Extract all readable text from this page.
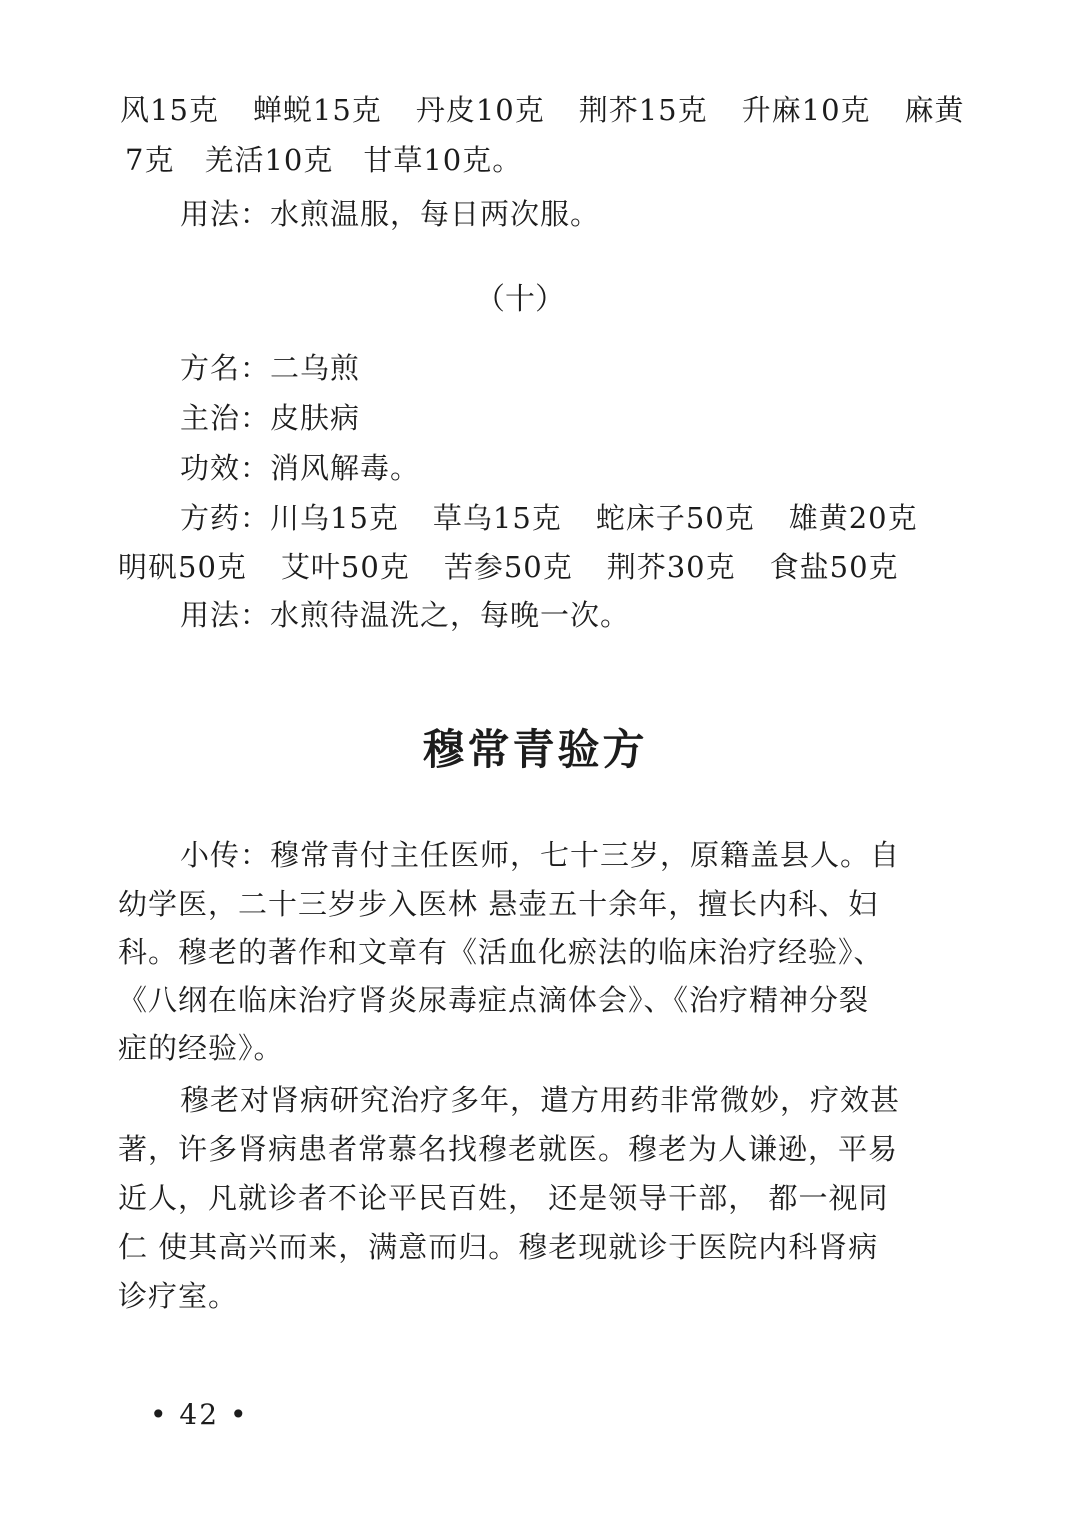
风15克 蝉蜕15克 丹皮10克 荆芥15克 升麻10克 麻黄
7克 羌活10克 甘草10克。
用法：水煎温服，每日两次服。
（十）
方名：二乌煎
主治：皮肤病
功效：消风解毒。
方药：川乌15克 草乌15克 蛇床子50克 雄黄20克
明矾50克 艾叶50克 苦参50克 荆芥30克 食盐50克
用法：水煎待温洗之，每晚一次。
穆常青验方
小传：穆常青付主任医师，七十三岁，原籍盖县人。自
幼学医，二十三岁步入医林 悬壶五十余年，擅长内科、妇
科。穆老的著作和文章有《活血化瘀法的临床治疗经验》、
《八纲在临床治疗肾炎尿毒症点滴体会》、《治疗精神分裂
症的经验》。
穆老对肾病研究治疗多年，遣方用药非常微妙，疗效甚
著，许多肾病患者常慕名找穆老就医。穆老为人谦逊，平易
近人，凡就诊者不论平民百姓， 还是领导干部， 都一视同
仁 使其高兴而来，满意而归。穆老现就诊于医院内科肾病
诊疗室。
• 42 •
